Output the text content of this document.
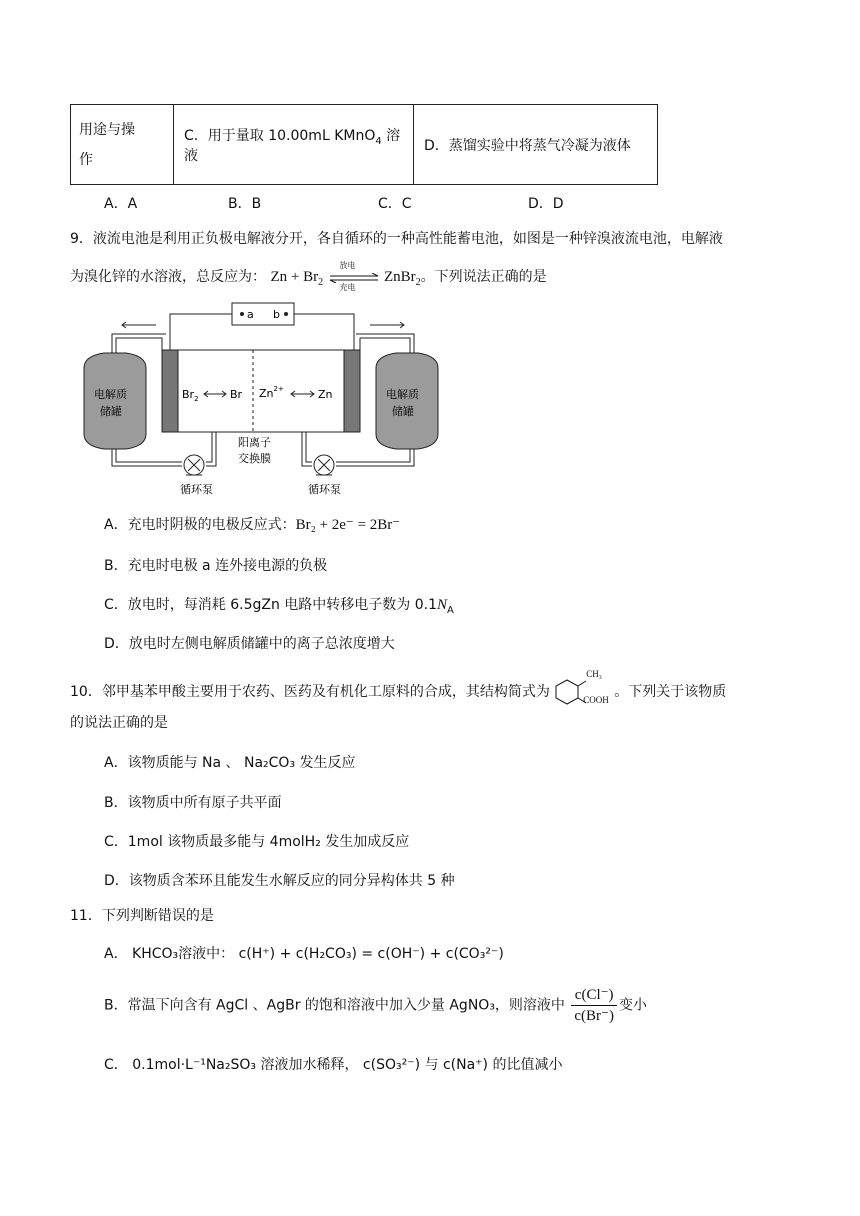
用途与操
作	C．用于量取 10.00mL KMnO$_4$ 溶液	D．蒸馏实验中将蒸气冷凝为液体
A．A	B．B	C．C	D．D
9．液流电池是利用正负极电解液分开，各自循环的一种高性能蓄电池，如图是一种锌溴液流电池，电解液
为溴化锌的水溶液，总反应为： $Zn + Br_2$
放电
充电
ZnBr$_2$。下列说法正确的是
a b
$Br_2$	Br $Zn^{2+}$	Zn
电解质
储罐
电解质
储罐
循环泵	循环泵
阳离子
交换膜
A．充电时阴极的电极反应式：Br₂ + 2e⁻ = 2Br⁻
B．充电时电极 a 连外接电源的负极
C．放电时，每消耗 6.5gZn 电路中转移电子数为 $0.1N_A$
D．放电时左侧电解质储罐中的离子总浓度增大
10．邻甲基苯甲酸主要用于农药、医药及有机化工原料的合成，其结构简式为
CH₃
COOH 。下列关于该物质
的说法正确的是
A．该物质能与 Na 、 Na₂CO₃ 发生反应
B．该物质中所有原子共平面
C．1mol 该物质最多能与 4molH₂ 发生加成反应
D．该物质含苯环且能发生水解反应的同分异构体共 5 种
11．下列判断错误的是
A． KHCO₃溶液中： c(H⁺) + c(H₂CO₃) = c(OH⁻) + c(CO₃²⁻)
B．常温下向含有 AgCl 、AgBr 的饱和溶液中加入少量 AgNO₃，则溶液中 $\frac{c(Cl^-)}{c(Br^-)}$ 变小
C． 0.1mol·L⁻¹Na₂SO₃ 溶液加水稀释， c(SO₃²⁻) 与 c(Na⁺) 的比值减小
